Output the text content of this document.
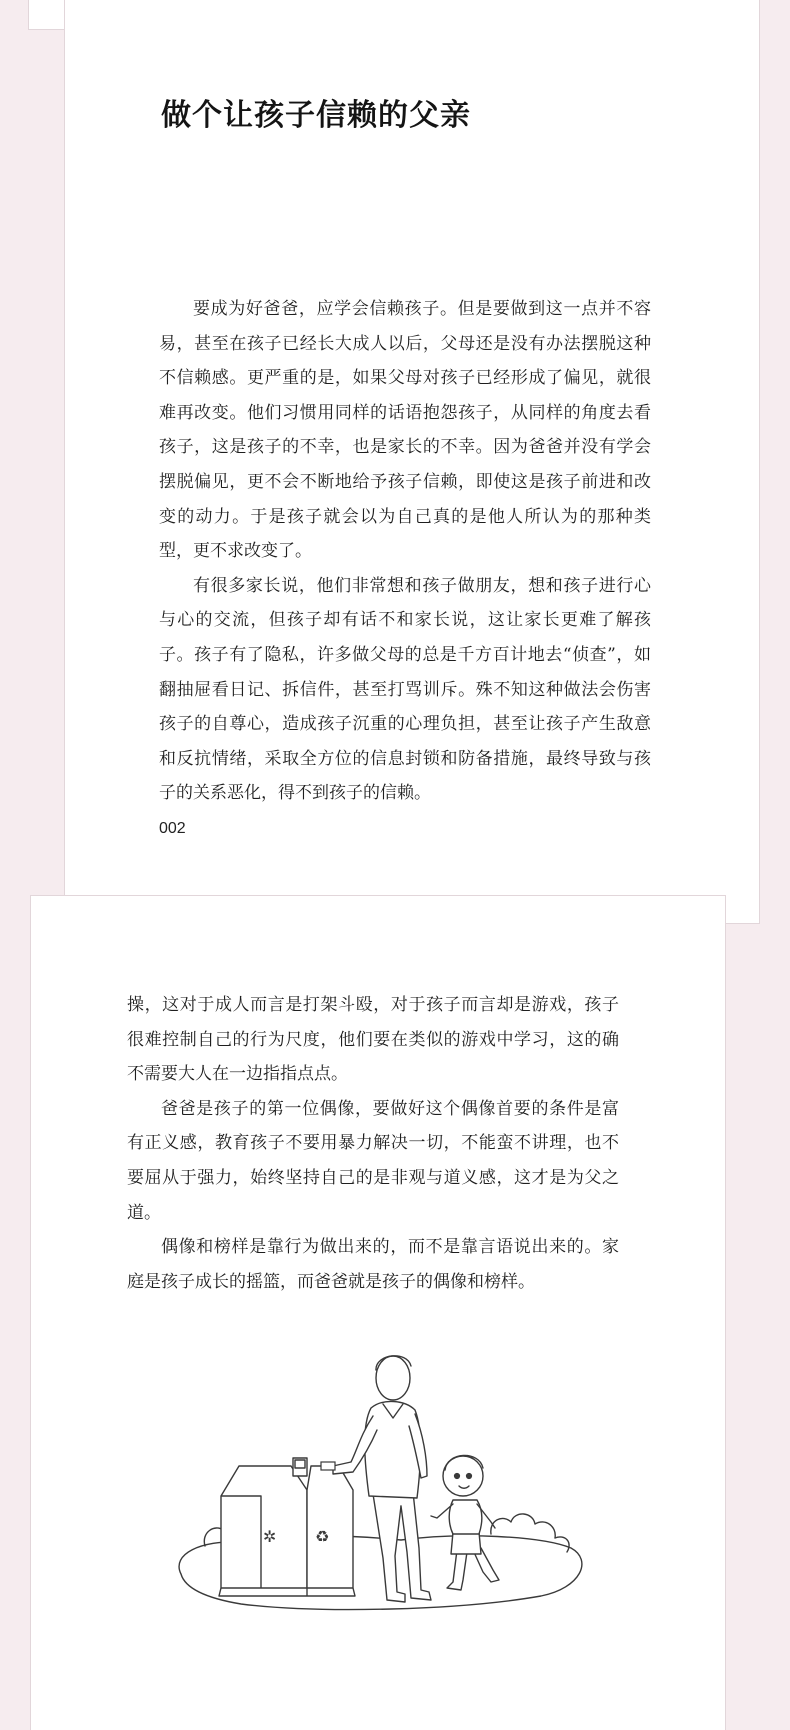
做个让孩子信赖的父亲

要成为好爸爸，应学会信赖孩子。但是要做到这一点并不容易，甚至在孩子已经长大成人以后，父母还是没有办法摆脱这种不信赖感。更严重的是，如果父母对孩子已经形成了偏见，就很难再改变。他们习惯用同样的话语抱怨孩子，从同样的角度去看孩子，这是孩子的不幸，也是家长的不幸。因为爸爸并没有学会摆脱偏见，更不会不断地给予孩子信赖，即使这是孩子前进和改变的动力。于是孩子就会以为自己真的是他人所认为的那种类型，更不求改变了。

有很多家长说，他们非常想和孩子做朋友，想和孩子进行心与心的交流，但孩子却有话不和家长说，这让家长更难了解孩子。孩子有了隐私，许多做父母的总是千方百计地去“侦查”，如翻抽屉看日记、拆信件，甚至打骂训斥。殊不知这种做法会伤害孩子的自尊心，造成孩子沉重的心理负担，甚至让孩子产生敌意和反抗情绪，采取全方位的信息封锁和防备措施，最终导致与孩子的关系恶化，得不到孩子的信赖。

002

操，这对于成人而言是打架斗殴，对于孩子而言却是游戏，孩子很难控制自己的行为尺度，他们要在类似的游戏中学习，这的确不需要大人在一边指指点点。

爸爸是孩子的第一位偶像，要做好这个偶像首要的条件是富有正义感，教育孩子不要用暴力解决一切，不能蛮不讲理，也不要屈从于强力，始终坚持自己的是非观与道义感，这才是为父之道。

偶像和榜样是靠行为做出来的，而不是靠言语说出来的。家庭是孩子成长的摇篮，而爸爸就是孩子的偶像和榜样。

♻
✲
